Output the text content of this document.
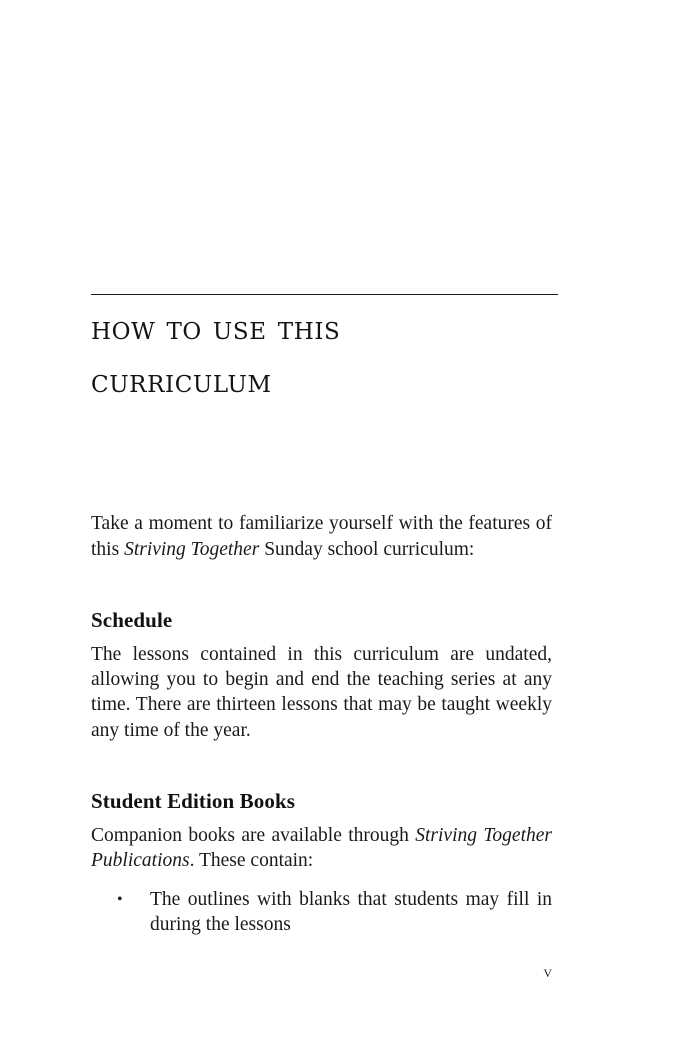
how to use this
curriculum

Take a moment to familiarize yourself with the features of this Striving Together Sunday school curriculum:

Schedule

The lessons contained in this curriculum are undated, allowing you to begin and end the teaching series at any time. There are thirteen lessons that may be taught weekly any time of the year.

Student Edition Books

Companion books are available through Striving Together Publications. These contain:

• The outlines with blanks that students may fill in during the lessons

v
